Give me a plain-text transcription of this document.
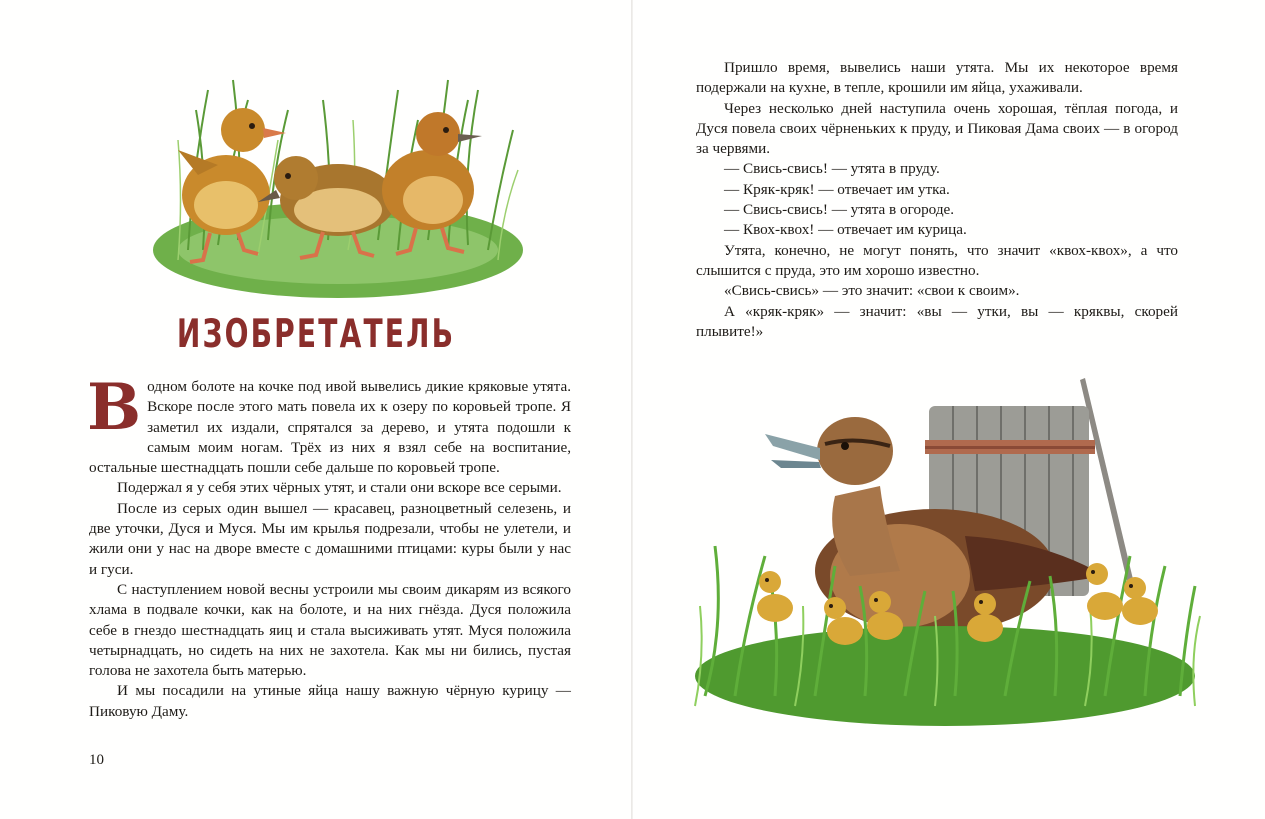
ИЗОБРЕТАТЕЛЬ

Водном болоте на кочке под ивой вывелись дикие кряковые утята. Вскоре после этого мать повела их к озеру по коровьей тропе. Я заметил их издали, спрятался за дерево, и утята подошли к самым моим ногам. Трёх из них я взял себе на воспитание, остальные шестнадцать пошли себе дальше по коровьей тропе.

Подержал я у себя этих чёрных утят, и стали они вскоре все серыми.

После из серых один вышел — красавец, разноцветный селезень, и две уточки, Дуся и Муся. Мы им крылья подрезали, чтобы не улетели, и жили они у нас на дворе вместе с домашними птицами: куры были у нас и гуси.

С наступлением новой весны устроили мы своим дикарям из всякого хлама в подвале кочки, как на болоте, и на них гнёзда. Дуся положила себе в гнездо шестнадцать яиц и стала высиживать утят. Муся положила четырнадцать, но сидеть на них не захотела. Как мы ни бились, пустая голова не захотела быть матерью.

И мы посадили на утиные яйца нашу важную чёрную курицу — Пиковую Даму.

10

Пришло время, вывелись наши утята. Мы их некоторое время подержали на кухне, в тепле, крошили им яйца, ухаживали.

Через несколько дней наступила очень хорошая, тёплая погода, и Дуся повела своих чёрненьких к пруду, и Пиковая Дама своих — в огород за червями.

— Свись-свись! — утята в пруду.

— Кряк-кряк! — отвечает им утка.

— Свись-свись! — утята в огороде.

— Квох-квох! — отвечает им курица.

Утята, конечно, не могут понять, что значит «квох-квох», а что слышится с пруда, это им хорошо известно.

«Свись-свись» — это значит: «свои к своим».

А «кряк-кряк» — значит: «вы — утки, вы — кряквы, скорей плывите!»
